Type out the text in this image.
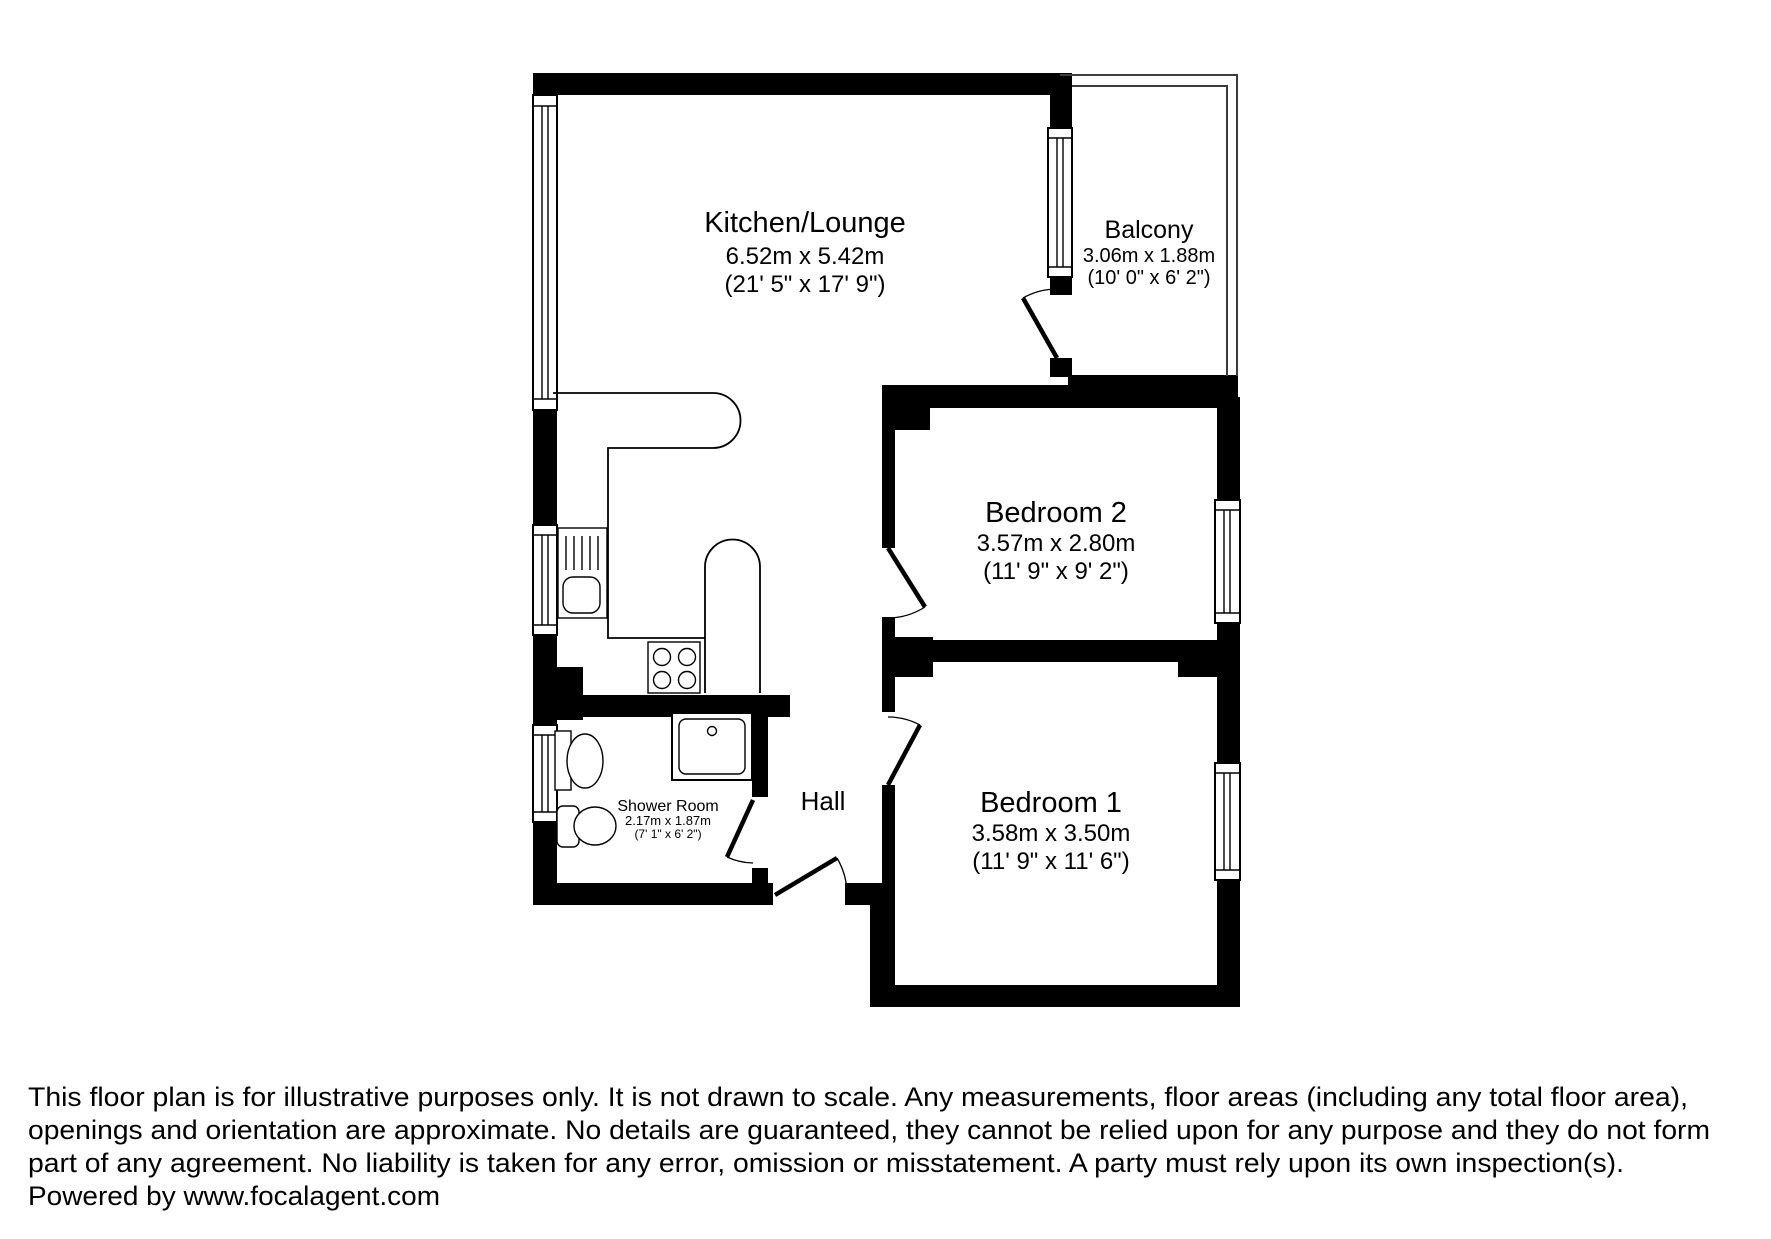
Kitchen/Lounge
6.52m x 5.42m
(21' 5" x 17' 9")
Balcony
3.06m x 1.88m
(10' 0" x 6' 2")
Bedroom 2
3.57m x 2.80m
(11' 9" x 9' 2")
Bedroom 1
3.58m x 3.50m
(11' 9" x 11' 6")
Shower Room
2.17m x 1.87m
(7' 1" x 6' 2")
Hall
This floor plan is for illustrative purposes only. It is not drawn to scale. Any measurements, floor areas (including any total floor area),
openings and orientation are approximate. No details are guaranteed, they cannot be relied upon for any purpose and they do not form
part of any agreement. No liability is taken for any error, omission or misstatement. A party must rely upon its own inspection(s).
Powered by www.focalagent.com
